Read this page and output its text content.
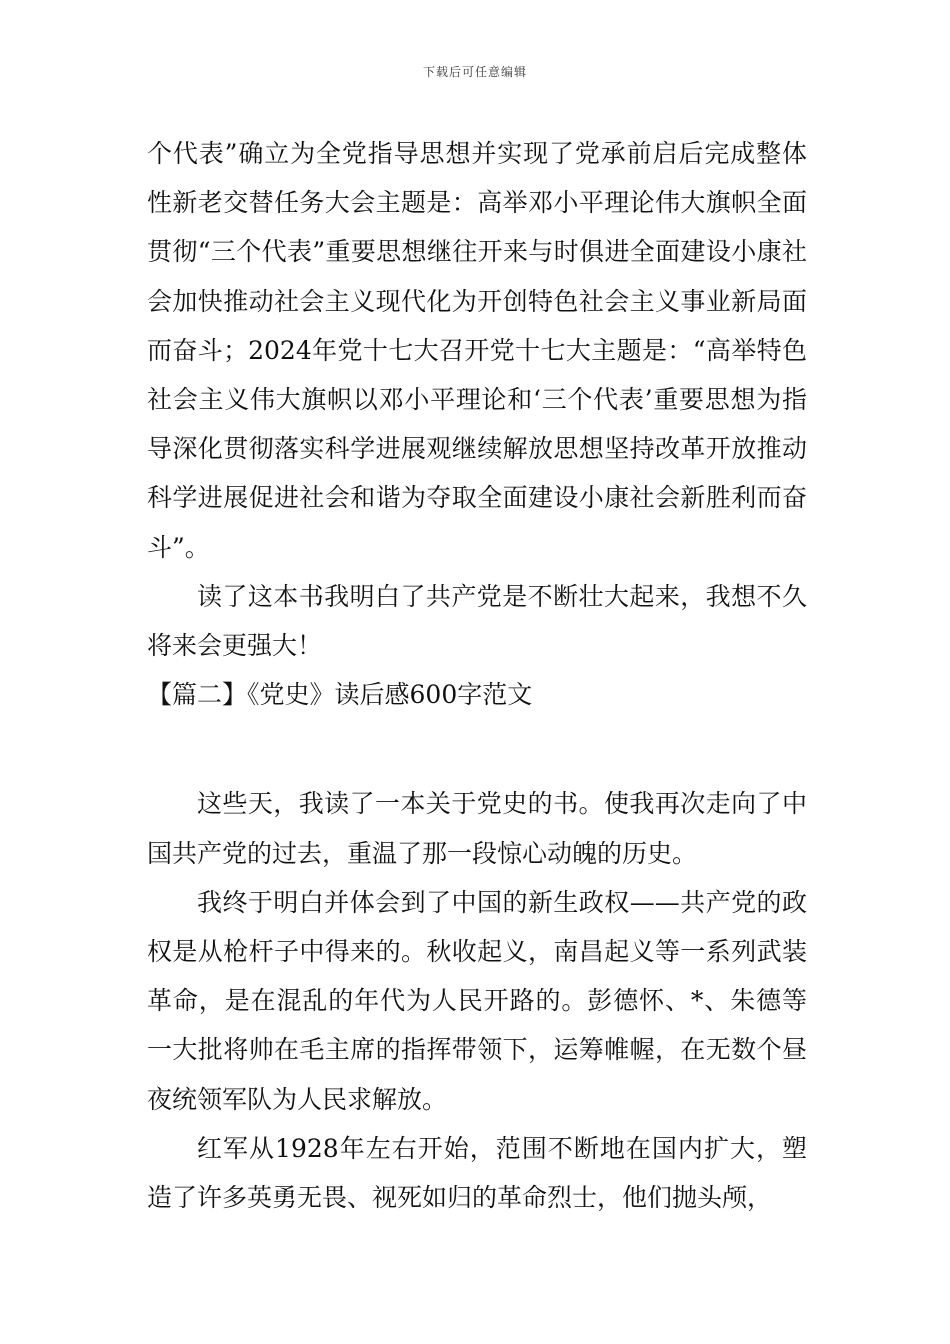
下载后可任意编辑

个代表”确立为全党指导思想并实现了党承前启后完成整体性新老交替任务大会主题是：高举邓小平理论伟大旗帜全面贯彻“三个代表”重要思想继往开来与时俱进全面建设小康社会加快推动社会主义现代化为开创特色社会主义事业新局面而奋斗；2024年党十七大召开党十七大主题是：“高举特色社会主义伟大旗帜以邓小平理论和‘三个代表’重要思想为指导深化贯彻落实科学进展观继续解放思想坚持改革开放推动科学进展促进社会和谐为夺取全面建设小康社会新胜利而奋斗”。

读了这本书我明白了共产党是不断壮大起来，我想不久将来会更强大！

【篇二】《党史》读后感600字范文

这些天，我读了一本关于党史的书。使我再次走向了中国共产党的过去，重温了那一段惊心动魄的历史。

我终于明白并体会到了中国的新生政权——共产党的政权是从枪杆子中得来的。秋收起义，南昌起义等一系列武装革命，是在混乱的年代为人民开路的。彭德怀、*、朱德等一大批将帅在毛主席的指挥带领下，运筹帷幄，在无数个昼夜统领军队为人民求解放。

红军从1928年左右开始，范围不断地在国内扩大，塑造了许多英勇无畏、视死如归的革命烈士，他们抛头颅，
